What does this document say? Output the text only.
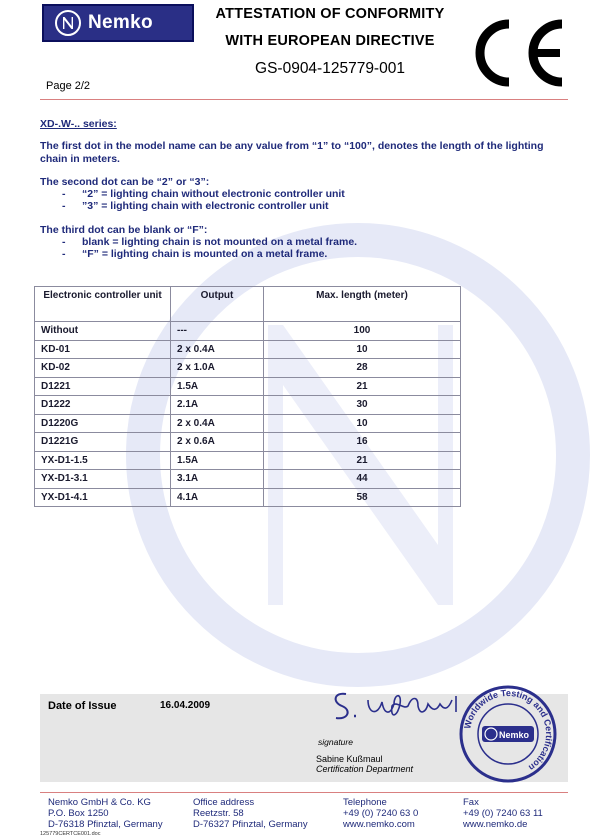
Nemko	ATTESTATION OF CONFORMITY
WITH EUROPEAN DIRECTIVE
GS-0904-125779-001
Page 2/2
XD-.W-.. series:
The first dot in the model name can be any value from “1” to “100”, denotes the length of the lighting chain in meters.
The second dot can be “2” or “3”:
- “2” = lighting chain without electronic controller unit
- ”3” = lighting chain with electronic controller unit
The third dot can be blank or “F”:
- blank = lighting chain is not mounted on a metal frame.
- “F” = lighting chain is mounted on a metal frame.
Electronic controller unit	Output	Max. length (meter)
Without	---	100
KD-01	2 x 0.4A	10
KD-02	2 x 1.0A	28
D1221	1.5A	21
D1222	2.1A	30
D1220G	2 x 0.4A	10
D1221G	2 x 0.6A	16
YX-D1-1.5	1.5A	21
YX-D1-3.1	3.1A	44
YX-D1-4.1	4.1A	58
Date of Issue	16.04.2009
Worldwide Testing and Certification
Nemko
signature
Sabine Kußmaul
Certification Department
Nemko GmbH & Co. KG
P.O. Box 1250
D-76318 Pfinztal, Germany
Office address
Reetzstr. 58
D-76327 Pfinztal, Germany
Telephone
+49 (0) 7240 63 0
www.nemko.com
Fax
+49 (0) 7240 63 11
www.nemko.de
125779CERTCE001.doc
